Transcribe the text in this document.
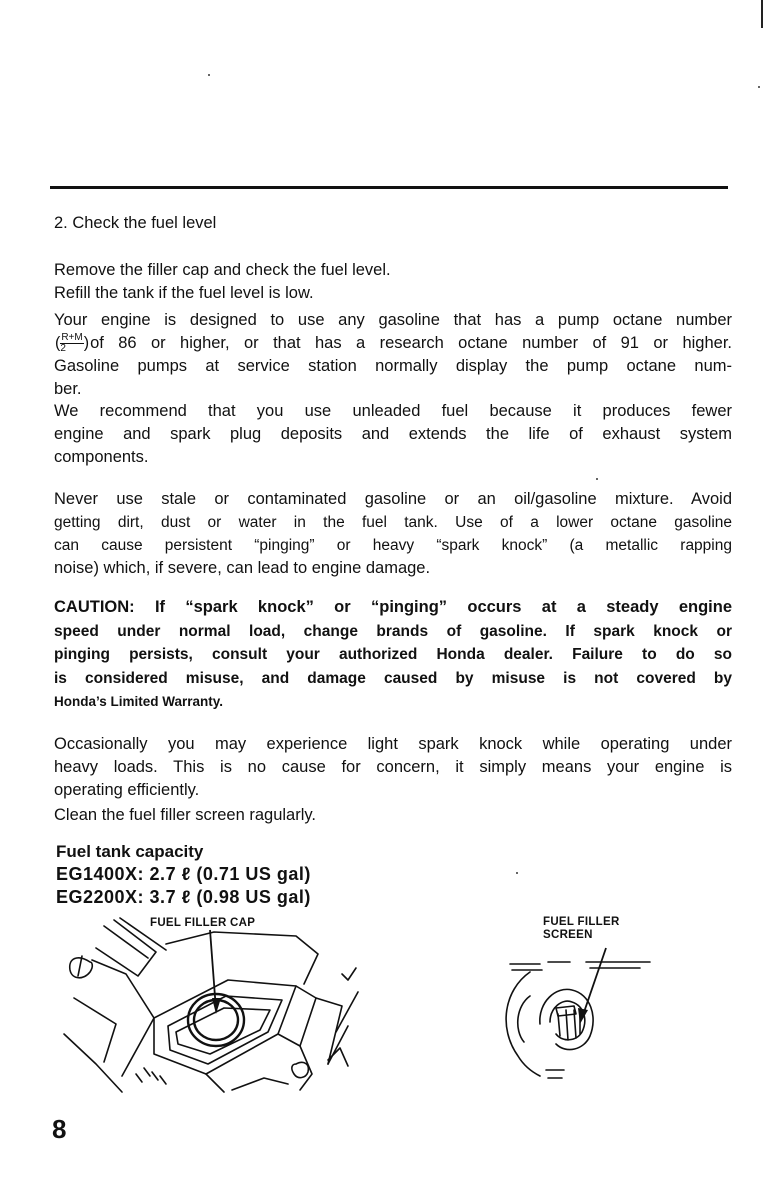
2. Check the fuel level
Remove the filler cap and check the fuel level.
Refill the tank if the fuel level is low.
Your engine is designed to use any gasoline that has a pump octane number
( $\frac{R+M}{2} )of$ 86 or higher, or that has a research octane number of 91 or higher.
Gasoline pumps at service station normally display the pump octane num-
ber.
We recommend that you use unleaded fuel because it produces fewer
engine and spark plug deposits and extends the life of exhaust system
components.
Never use stale or contaminated gasoline or an oil/gasoline mixture. Avoid
getting dirt, dust or water in the fuel tank. Use of a lower octane gasoline
can cause persistent “pinging” or heavy “spark knock” (a metallic rapping
noise) which, if severe, can lead to engine damage.
CAUTION: If “spark knock” or “pinging” occurs at a steady engine
speed under normal load, change brands of gasoline. If spark knock or
pinging persists, consult your authorized Honda dealer. Failure to do so
is considered misuse, and damage caused by misuse is not covered by
Honda’s Limited Warranty.
Occasionally you may experience light spark knock while operating under
heavy loads. This is no cause for concern, it simply means your engine is
operating efficiently.
Clean the fuel filler screen ragularly.
Fuel tank capacity
EG1400X: 2.7 ℓ (0.71 US gal)
EG2200X: 3.7 ℓ (0.98 US gal)
FUEL FILLER CAP	FUEL FILLER
SCREEN
8
